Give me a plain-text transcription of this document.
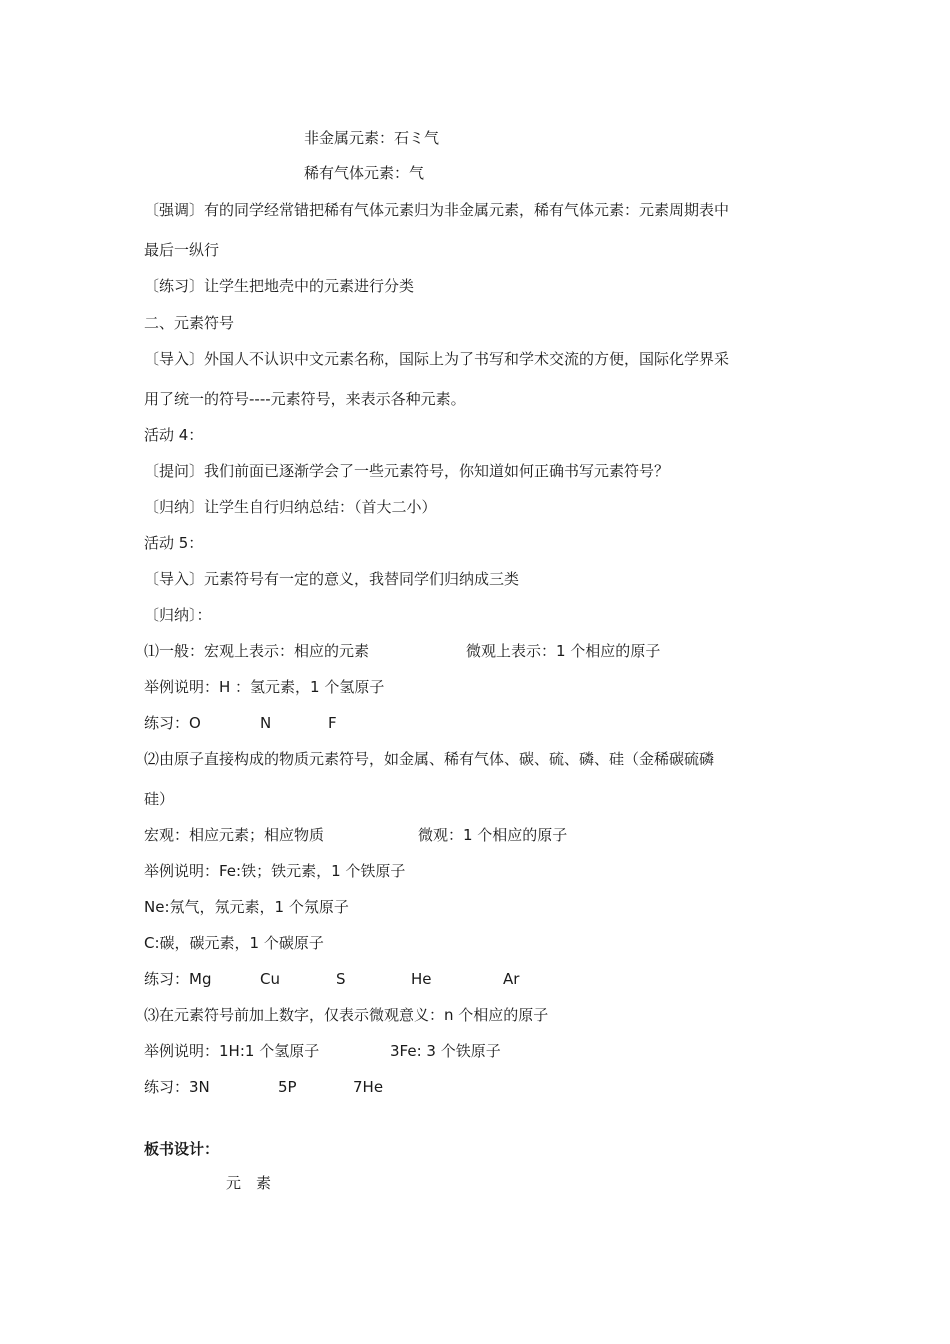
非金属元素：石ミ气
稀有气体元素：气
〔强调〕有的同学经常错把稀有气体元素归为非金属元素，稀有气体元素：元素周期表中
最后一纵行
〔练习〕让学生把地壳中的元素进行分类
二、元素符号
〔导入〕外国人不认识中文元素名称，国际上为了书写和学术交流的方便，国际化学界采
用了统一的符号----元素符号，来表示各种元素。
活动 4：
〔提问〕我们前面已逐渐学会了一些元素符号，你知道如何正确书写元素符号？
〔归纳〕让学生自行归纳总结：（首大二小）
活动 5：
〔导入〕元素符号有一定的意义，我替同学们归纳成三类
〔归纳〕：
⑴一般：宏观上表示：相应的元素	微观上表示：1 个相应的原子
举例说明：H ：氢元素，1 个氢原子
练习：O	N	F
⑵由原子直接构成的物质元素符号，如金属、稀有气体、碳、硫、磷、硅（金稀碳硫磷
硅）
宏观：相应元素；相应物质	微观：1 个相应的原子
举例说明：Fe:铁；铁元素，1 个铁原子
Ne:氖气，氖元素，1 个氖原子
C:碳，碳元素，1 个碳原子
练习：Mg	Cu	S	He	Ar
⑶在元素符号前加上数字，仅表示微观意义：n 个相应的原子
举例说明：1H:1 个氢原子	3Fe: 3 个铁原子
练习：3N	5P	7He
板书设计：
元　素
